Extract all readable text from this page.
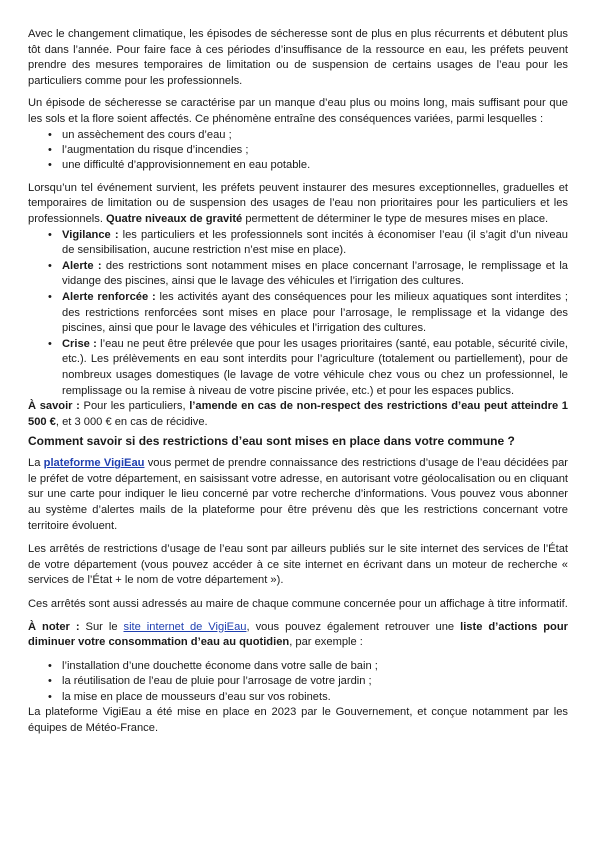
Avec le changement climatique, les épisodes de sécheresse sont de plus en plus récurrents et débutent plus tôt dans l’année. Pour faire face à ces périodes d’insuffisance de la ressource en eau, les préfets peuvent prendre des mesures temporaires de limitation ou de suspension de certains usages de l’eau pour les particuliers comme pour les professionnels.

Un épisode de sécheresse se caractérise par un manque d’eau plus ou moins long, mais suffisant pour que les sols et la flore soient affectés. Ce phénomène entraîne des conséquences variées, parmi lesquelles :

• un assèchement des cours d’eau ;
• l’augmentation du risque d’incendies ;
• une difficulté d’approvisionnement en eau potable.

Lorsqu’un tel événement survient, les préfets peuvent instaurer des mesures exceptionnelles, graduelles et temporaires de limitation ou de suspension des usages de l’eau non prioritaires pour les particuliers et les professionnels. Quatre niveaux de gravité permettent de déterminer le type de mesures mises en place.

• Vigilance : les particuliers et les professionnels sont incités à économiser l’eau (il s’agit d’un niveau de sensibilisation, aucune restriction n’est mise en place).
• Alerte : des restrictions sont notamment mises en place concernant l’arrosage, le remplissage et la vidange des piscines, ainsi que le lavage des véhicules et l’irrigation des cultures.
• Alerte renforcée : les activités ayant des conséquences pour les milieux aquatiques sont interdites ; des restrictions renforcées sont mises en place pour l’arrosage, le remplissage et la vidange des piscines, ainsi que pour le lavage des véhicules et l’irrigation des cultures.
• Crise : l’eau ne peut être prélevée que pour les usages prioritaires (santé, eau potable, sécurité civile, etc.). Les prélèvements en eau sont interdits pour l’agriculture (totalement ou partiellement), pour de nombreux usages domestiques (le lavage de votre véhicule chez vous ou chez un professionnel, le remplissage ou la remise à niveau de votre piscine privée, etc.) et pour les espaces publics.

À savoir : Pour les particuliers, l’amende en cas de non-respect des restrictions d’eau peut atteindre 1 500 €, et 3 000 € en cas de récidive.

Comment savoir si des restrictions d’eau sont mises en place dans votre commune ?

La plateforme VigiEau vous permet de prendre connaissance des restrictions d’usage de l’eau décidées par le préfet de votre département, en saisissant votre adresse, en autorisant votre géolocalisation ou en cliquant sur une carte pour indiquer le lieu concerné par votre recherche d’informations. Vous pouvez vous abonner au système d’alertes mails de la plateforme pour être prévenu dès que les restrictions concernant votre territoire évoluent.

Les arrêtés de restrictions d’usage de l’eau sont par ailleurs publiés sur le site internet des services de l’État de votre département (vous pouvez accéder à ce site internet en écrivant dans un moteur de recherche « services de l’État + le nom de votre département »).

Ces arrêtés sont aussi adressés au maire de chaque commune concernée pour un affichage à titre informatif.

À noter : Sur le site internet de VigiEau, vous pouvez également retrouver une liste d’actions pour diminuer votre consommation d’eau au quotidien, par exemple :

• l’installation d’une douchette économe dans votre salle de bain ;
• la réutilisation de l’eau de pluie pour l’arrosage de votre jardin ;
• la mise en place de mousseurs d’eau sur vos robinets.

La plateforme VigiEau a été mise en place en 2023 par le Gouvernement, et conçue notamment par les équipes de Météo-France.
